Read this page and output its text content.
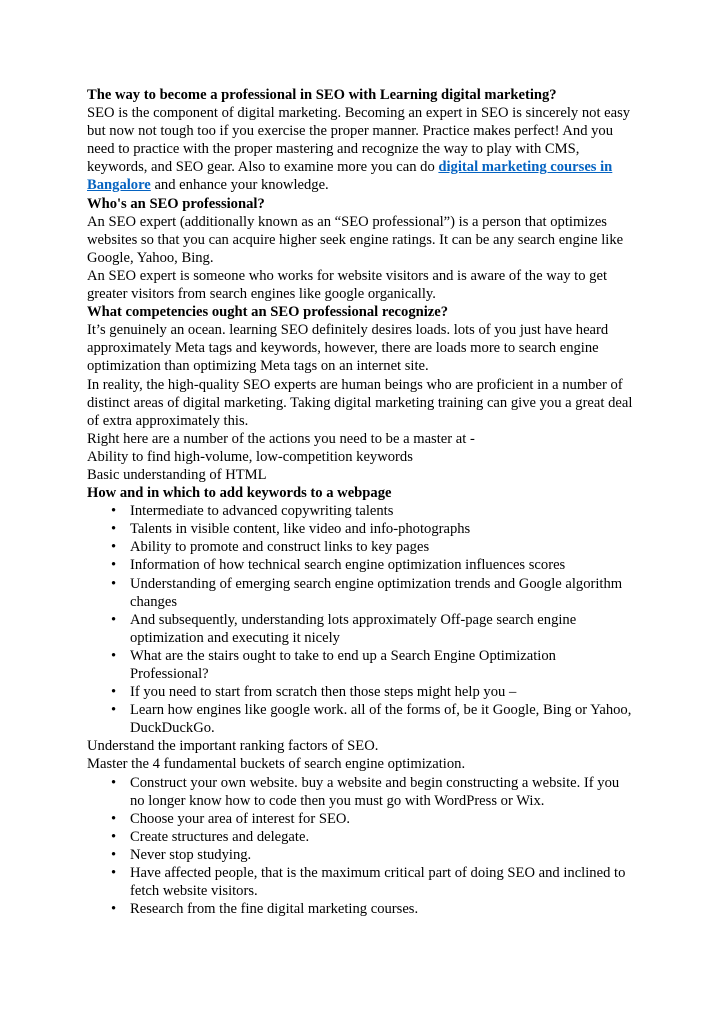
The way to become a professional in SEO with Learning digital marketing?

SEO is the component of digital marketing. Becoming an expert in SEO is sincerely not easy but now not tough too if you exercise the proper manner. Practice makes perfect! And you need to practice with the proper mastering and recognize the way to play with CMS, keywords, and SEO gear. Also to examine more you can do digital marketing courses in Bangalore and enhance your knowledge.

Who's an SEO professional?

An SEO expert (additionally known as an “SEO professional”) is a person that optimizes websites so that you can acquire higher seek engine ratings. It can be any search engine like Google, Yahoo, Bing.

An SEO expert is someone who works for website visitors and is aware of the way to get greater visitors from search engines like google organically.

What competencies ought an SEO professional recognize?

It’s genuinely an ocean. learning SEO definitely desires loads. lots of you just have heard approximately Meta tags and keywords, however, there are loads more to search engine optimization than optimizing Meta tags on an internet site.

In reality, the high-quality SEO experts are human beings who are proficient in a number of distinct areas of digital marketing. Taking digital marketing training can give you a great deal of extra approximately this.

Right here are a number of the actions you need to be a master at -

Ability to find high-volume, low-competition keywords

Basic understanding of HTML

How and in which to add keywords to a webpage
• Intermediate to advanced copywriting talents
• Talents in visible content, like video and info-photographs
• Ability to promote and construct links to key pages
• Information of how technical search engine optimization influences scores
• Understanding of emerging search engine optimization trends and Google algorithm changes
• And subsequently, understanding lots approximately Off-page search engine optimization and executing it nicely
• What are the stairs ought to take to end up a Search Engine Optimization Professional?
• If you need to start from scratch then those steps might help you –
• Learn how engines like google work. all of the forms of, be it Google, Bing or Yahoo, DuckDuckGo.

Understand the important ranking factors of SEO.

Master the 4 fundamental buckets of search engine optimization.

• Construct your own website. buy a website and begin constructing a website. If you no longer know how to code then you must go with WordPress or Wix.
• Choose your area of interest for SEO.
• Create structures and delegate.
• Never stop studying.
• Have affected people, that is the maximum critical part of doing SEO and inclined to fetch website visitors.
• Research from the fine digital marketing courses.
